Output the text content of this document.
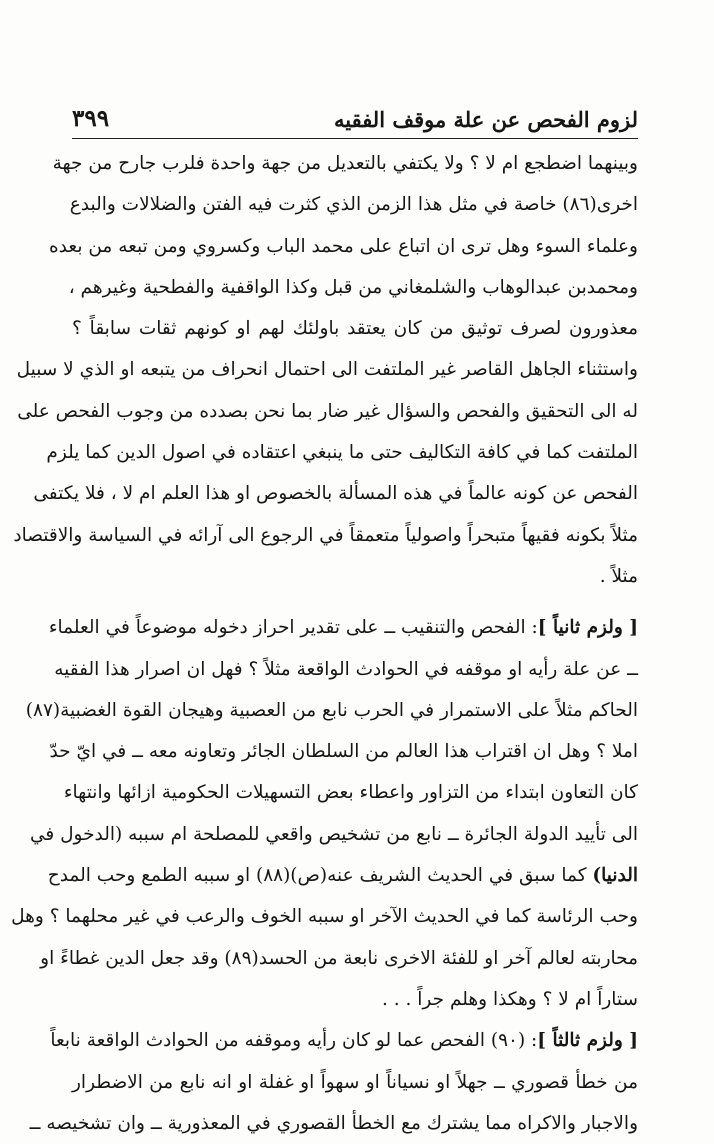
لزوم الفحص عن علة موقف الفقيه
٣٩٩
وبينهما اضطجع ام لا ؟ ولا يكتفي بالتعديل من جهة واحدة فلرب جارح من جهة
اخرى(٨٦) خاصة في مثل هذا الزمن الذي كثرت فيه الفتن والضلالات والبدع
وعلماء السوء وهل ترى ان اتباع على محمد الباب وكسروي ومن تبعه من بعده
ومحمدبن عبدالوهاب والشلمغاني من قبل وكذا الواقفية والفطحية وغيرهم ،
معذورون لصرف توثيق من كان يعتقد باولئك لهم او كونهم ثقات سابقاً ؟
واستثناء الجاهل القاصر غير الملتفت الى احتمال انحراف من يتبعه او الذي لا سبيل
له الى التحقيق والفحص والسؤال غير ضار بما نحن بصدده من وجوب الفحص على
الملتفت كما في كافة التكاليف حتى ما ينبغي اعتقاده في اصول الدين كما يلزم
الفحص عن كونه عالماً في هذه المسألة بالخصوص او هذا العلم ام لا ، فلا يكتفى
مثلاً بكونه فقيهاً متبحراً واصولياً متعمقاً في الرجوع الى آرائه في السياسة والاقتصاد
مثلاً .
[ ولزم ثانياً ]: الفحص والتنقيب ــ على تقدير احراز دخوله موضوعاً في العلماء
ــ عن علة رأيه او موقفه في الحوادث الواقعة مثلاً ؟ فهل ان اصرار هذا الفقيه
الحاكم مثلاً على الاستمرار في الحرب نابع من العصبية وهيجان القوة الغضبية(٨٧)
املا ؟ وهل ان اقتراب هذا العالم من السلطان الجائر وتعاونه معه ــ في ايّ حدّ
كان التعاون ابتداء من التزاور واعطاء بعض التسهيلات الحكومية ازائها وانتهاء
الى تأييد الدولة الجائرة ــ نابع من تشخيص واقعي للمصلحة ام سببه (الدخول في
الدنيا) كما سبق في الحديث الشريف عنه(ص)(٨٨) او سببه الطمع وحب المدح
وحب الرئاسة كما في الحديث الآخر او سببه الخوف والرعب في غير محلهما ؟ وهل
محاربته لعالم آخر او للفئة الاخرى نابعة من الحسد(٨٩) وقد جعل الدين غطاءً او
ستاراً ام لا ؟ وهكذا وهلم جراً . . .
[ ولزم ثالثاً ]: (٩٠) الفحص عما لو كان رأيه وموقفه من الحوادث الواقعة نابعاً
من خطأ قصوري ــ جهلاً او نسياناً او سهواً او غفلة او انه نابع من الاضطرار
والاجبار والاكراه مما يشترك مع الخطأ القصوري في المعذورية ــ وان تشخيصه ــ
